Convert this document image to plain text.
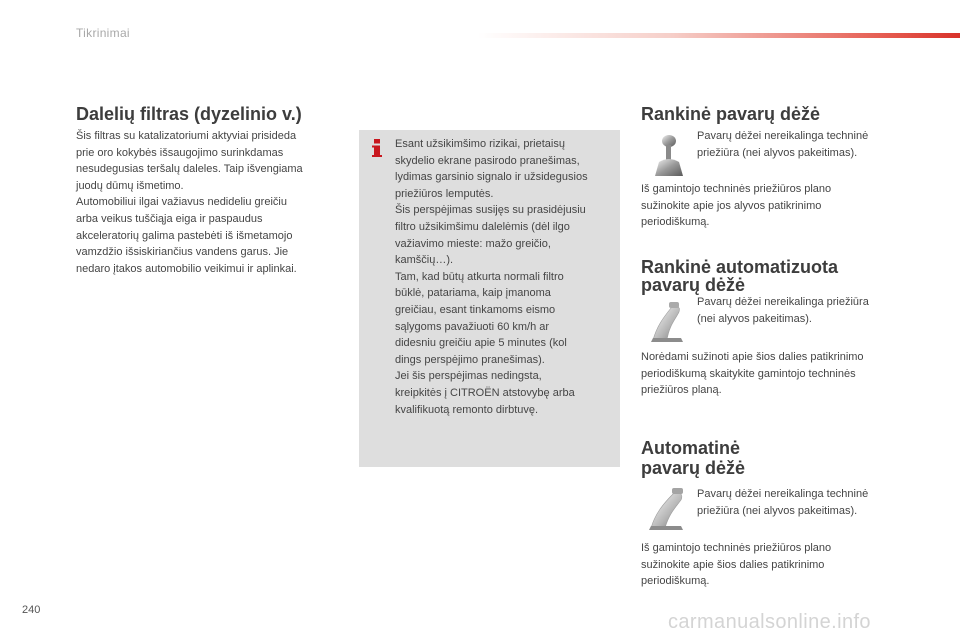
Tikrinimai
Dalelių filtras (dyzelinio v.)

Šis filtras su katalizatoriumi aktyviai prisideda
prie oro kokybės išsaugojimo surinkdamas
nesudegusias teršalų daleles. Taip išvengiama
juodų dūmų išmetimo.
Automobiliui ilgai važiavus nedideliu greičiu
arba veikus tuščiąja eiga ir paspaudus
akceleratorių galima pastebėti iš išmetamojo
vamzdžio išsiskiriančius vandens garus. Jie
nedaro įtakos automobilio veikimui ir aplinkai.

Esant užsikimšimo rizikai, prietaisų
skydelio ekrane pasirodo pranešimas,
lydimas garsinio signalo ir užsidegusios
priežiūros lemputės.
Šis perspėjimas susijęs su prasidėjusiu
filtro užsikimšimu dalelėmis (dėl ilgo
važiavimo mieste: mažo greičio,
kamščių…).
Tam, kad būtų atkurta normali filtro
būklė, patariama, kaip įmanoma
greičiau, esant tinkamoms eismo
sąlygoms pavažiuoti 60 km/h ar
didesniu greičiu apie 5 minutes (kol
dings perspėjimo pranešimas).
Jei šis perspėjimas nedingsta,
kreipkitės į CITROËN atstovybę arba
kvalifikuotą remonto dirbtuvę.

Rankinė pavarų dėžė

Pavarų dėžei nereikalinga techninė
priežiūra (nei alyvos pakeitimas).

Iš gamintojo techninės priežiūros plano
sužinokite apie jos alyvos patikrinimo
periodiškumą.

Rankinė automatizuota
pavarų dėžė

Pavarų dėžei nereikalinga priežiūra
(nei alyvos pakeitimas).

Norėdami sužinoti apie šios dalies patikrinimo
periodiškumą skaitykite gamintojo techninės
priežiūros planą.

Automatinė
pavarų dėžė

Pavarų dėžei nereikalinga techninė
priežiūra (nei alyvos pakeitimas).

Iš gamintojo techninės priežiūros plano
sužinokite apie šios dalies patikrinimo
periodiškumą.

240
carmanualsonline.info
